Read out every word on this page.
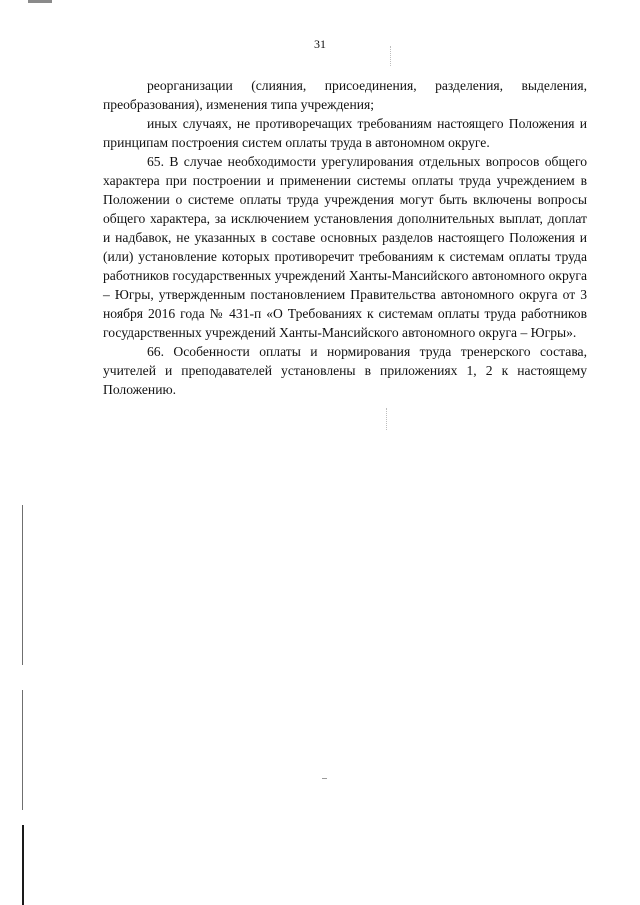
31

реорганизации (слияния, присоединения, разделения, выделения, преобразования), изменения типа учреждения;

иных случаях, не противоречащих требованиям настоящего Положения и принципам построения систем оплаты труда в автономном округе.

65. В случае необходимости урегулирования отдельных вопросов общего характера при построении и применении системы оплаты труда учреждением в Положении о системе оплаты труда учреждения могут быть включены вопросы общего характера, за исключением установления дополнительных выплат, доплат и надбавок, не указанных в составе основных разделов настоящего Положения и (или) установление которых противоречит требованиям к системам оплаты труда работников государственных учреждений Ханты-Мансийского автономного округа – Югры, утвержденным постановлением Правительства автономного округа от 3 ноября 2016 года № 431-п «О Требованиях к системам оплаты труда работников государственных учреждений Ханты-Мансийского автономного округа – Югры».

66. Особенности оплаты и нормирования труда тренерского состава, учителей и преподавателей установлены в приложениях 1, 2 к настоящему Положению.
